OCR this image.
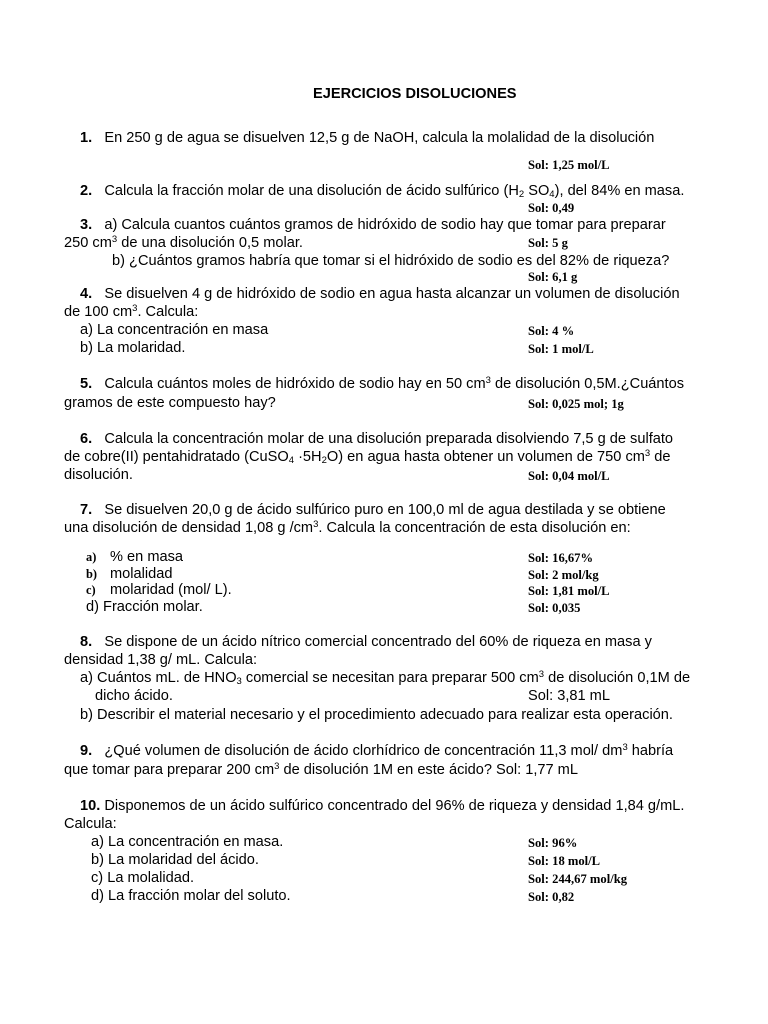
EJERCICIOS DISOLUCIONES
1. En 250 g de agua se disuelven 12,5 g de NaOH, calcula la molalidad de la disolución
Sol: 1,25 mol/L
2. Calcula la fracción molar de una disolución de ácido sulfúrico ($H_2$ $SO_4$), del 84% en masa.
Sol: 0,49
3. a) Calcula cuantos cuántos gramos de hidróxido de sodio hay que tomar para preparar
250 $cm^3$ de una disolución 0,5 molar.	Sol: 5 g
b) ¿Cuántos gramos habría que tomar si el hidróxido de sodio es del 82% de riqueza?
Sol: 6,1 g
4. Se disuelven 4 g de hidróxido de sodio en agua hasta alcanzar un volumen de disolución
de 100 $cm^3$. Calcula:
a) La concentración en masa	Sol: 4 %
b) La molaridad.	Sol: 1 mol/L
5. Calcula cuántos moles de hidróxido de sodio hay en 50 $cm^3$ de disolución 0,5M.¿Cuántos
gramos de este compuesto hay?	Sol: 0,025 mol; 1g
6. Calcula la concentración molar de una disolución preparada disolviendo 7,5 g de sulfato
de cobre(II) pentahidratado (CuSO$_4$ $\cdot 5H_2O$) en agua hasta obtener un volumen de 750 $cm^3$ de
disolución.	Sol: 0,04 mol/L
7. Se disuelven 20,0 g de ácido sulfúrico puro en 100,0 ml de agua destilada y se obtiene
una disolución de densidad 1,08 g $/cm^3$. Calcula la concentración de esta disolución en:
a) % en masa	Sol: 16,67%
b) molalidad	Sol: 2 mol/kg
c) molaridad (mol/ L).	Sol: 1,81 mol/L
d) Fracción molar.	Sol: 0,035
8. Se dispone de un ácido nítrico comercial concentrado del 60% de riqueza en masa y
densidad 1,38 g/ mL. Calcula:
a) Cuántos mL. de $HNO_3$ comercial se necesitan para preparar 500 $cm^3$ de disolución 0,1M de
dicho ácido.	Sol: 3,81 mL
b) Describir el material necesario y el procedimiento adecuado para realizar esta operación.
9. ¿Qué volumen de disolución de ácido clorhídrico de concentración 11,3 mol/ $dm^3$ habría
que tomar para preparar 200 $cm^3$ de disolución 1M en este ácido? Sol: 1,77 mL
10. Disponemos de un ácido sulfúrico concentrado del 96% de riqueza y densidad 1,84 g/mL.
Calcula:
a) La concentración en masa.	Sol: 96%
b) La molaridad del ácido.	Sol: 18 mol/L
c) La molalidad.	Sol: 244,67 mol/kg
d) La fracción molar del soluto.	Sol: 0,82
